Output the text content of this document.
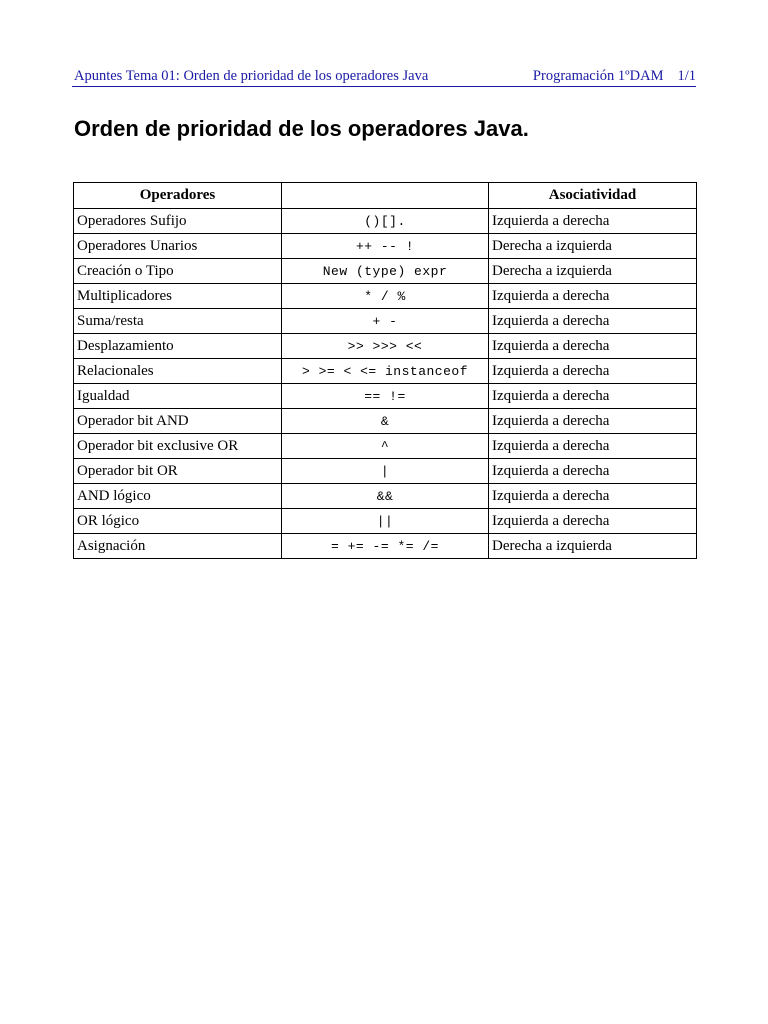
Apuntes Tema 01: Orden de prioridad de los operadores Java	Programación 1ºDAM 1/1
Orden de prioridad de los operadores Java.
Operadores		Asociatividad
Operadores Sufijo	()[].	Izquierda a derecha
Operadores Unarios	++ -- !	Derecha a izquierda
Creación o Tipo	New (type) expr	Derecha a izquierda
Multiplicadores	* / %	Izquierda a derecha
Suma/resta	+ -	Izquierda a derecha
Desplazamiento	>> >>> <<	Izquierda a derecha
Relacionales	> >= < <= instanceof	Izquierda a derecha
Igualdad	== !=	Izquierda a derecha
Operador bit AND	&	Izquierda a derecha
Operador bit exclusive OR	^	Izquierda a derecha
Operador bit OR	|	Izquierda a derecha
AND lógico	&&	Izquierda a derecha
OR lógico	||	Izquierda a derecha
Asignación	= += -= *= /=	Derecha a izquierda
